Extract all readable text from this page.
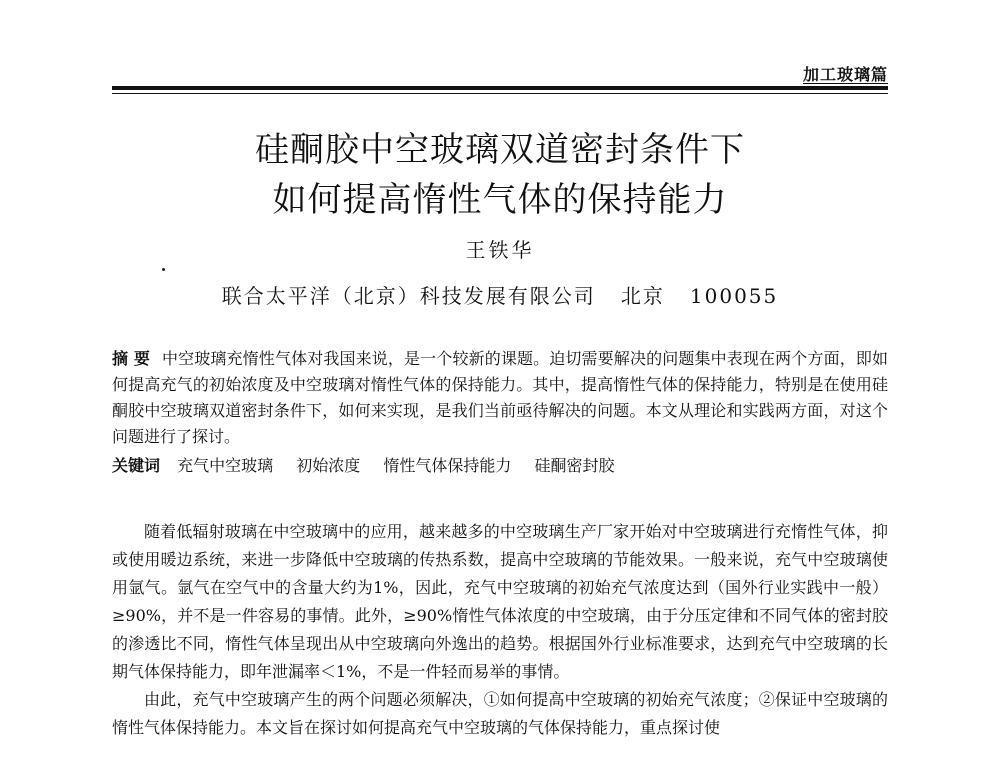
加工玻璃篇
硅酮胶中空玻璃双道密封条件下
如何提高惰性气体的保持能力
王铁华
联合太平洋（北京）科技发展有限公司   北京   100055
摘 要 中空玻璃充惰性气体对我国来说，是一个较新的课题。迫切需要解决的问题集中表现在两个方面，即如何提高充气的初始浓度及中空玻璃对惰性气体的保持能力。其中，提高惰性气体的保持能力，特别是在使用硅酮胶中空玻璃双道密封条件下，如何来实现，是我们当前亟待解决的问题。本文从理论和实践两方面，对这个问题进行了探讨。
关键词 充气中空玻璃 初始浓度 惰性气体保持能力 硅酮密封胶

随着低辐射玻璃在中空玻璃中的应用，越来越多的中空玻璃生产厂家开始对中空玻璃进行充惰性气体，抑或使用暖边系统，来进一步降低中空玻璃的传热系数，提高中空玻璃的节能效果。一般来说，充气中空玻璃使用氩气。氩气在空气中的含量大约为1%，因此，充气中空玻璃的初始充气浓度达到（国外行业实践中一般）≥90%，并不是一件容易的事情。此外，≥90%惰性气体浓度的中空玻璃，由于分压定律和不同气体的密封胶的渗透比不同，惰性气体呈现出从中空玻璃向外逸出的趋势。根据国外行业标准要求，达到充气中空玻璃的长期气体保持能力，即年泄漏率＜1%，不是一件轻而易举的事情。

由此，充气中空玻璃产生的两个问题必须解决，①如何提高中空玻璃的初始充气浓度；②保证中空玻璃的惰性气体保持能力。本文旨在探讨如何提高充气中空玻璃的气体保持能力，重点探讨使
